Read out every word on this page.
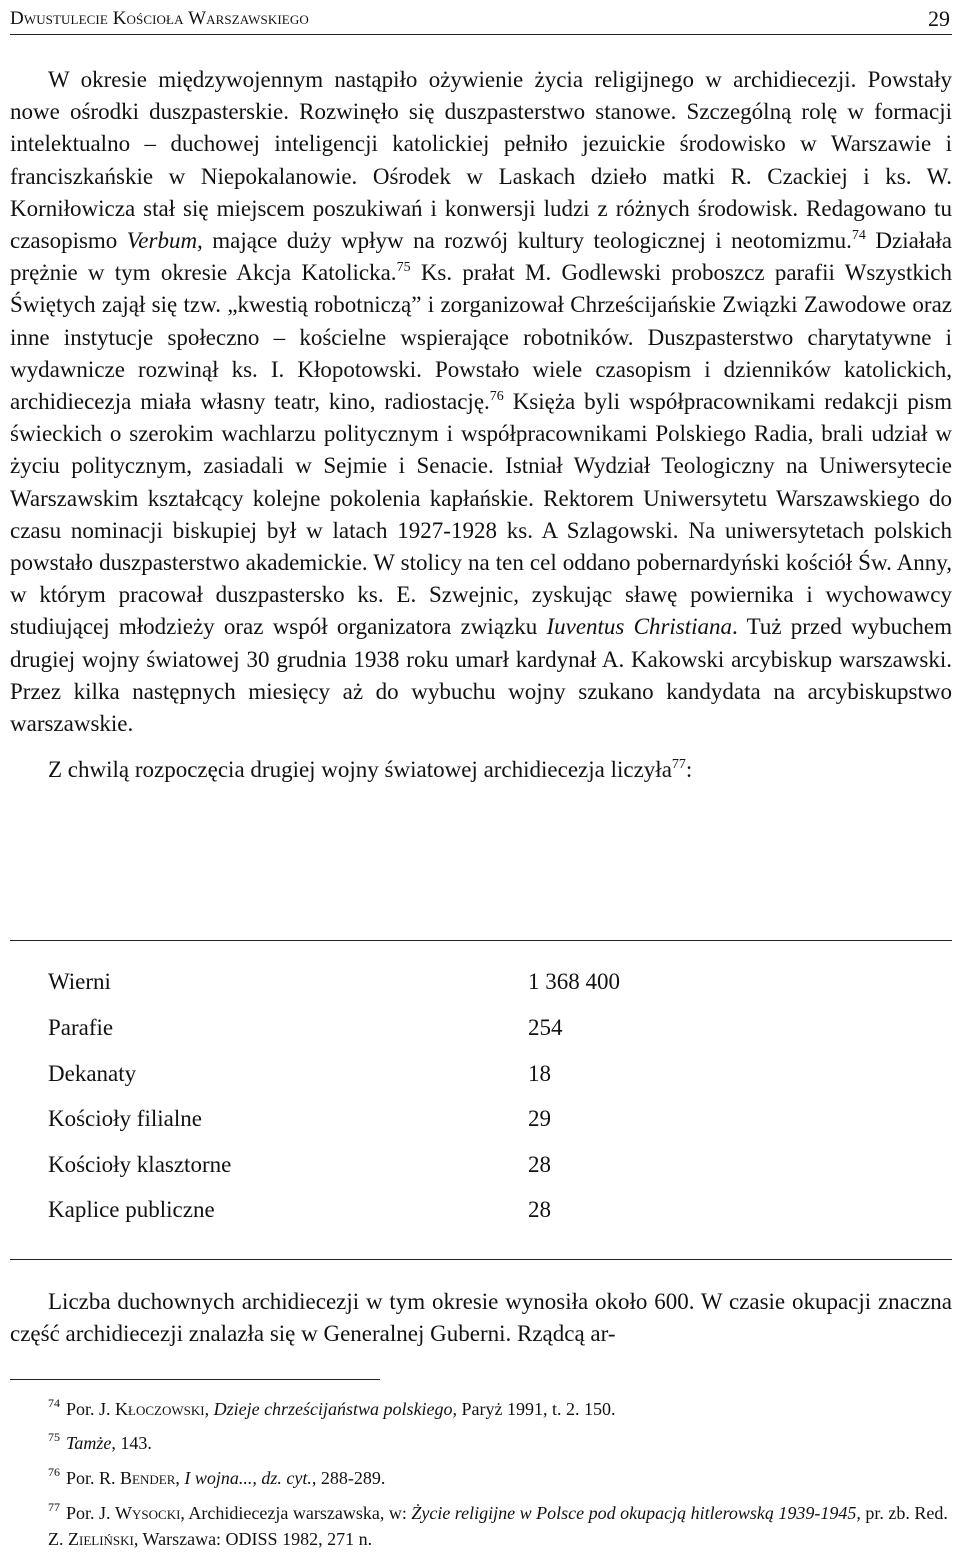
Dwustulecie Kościoła Warszawskiego	29

W okresie międzywojennym nastąpiło ożywienie życia religijnego w archidiecezji. Powstały nowe ośrodki duszpasterskie. Rozwinęło się duszpasterstwo stanowe. Szczególną rolę w formacji intelektualno – duchowej inteligencji katolickiej pełniło jezuickie środowisko w Warszawie i franciszkańskie w Niepokalanowie. Ośrodek w Laskach dzieło matki R. Czackiej i ks. W. Korniłowicza stał się miejscem poszukiwań i konwersji ludzi z różnych środowisk. Redagowano tu czasopismo Verbum, mające duży wpływ na rozwój kultury teologicznej i neotomizmu.$^{74}$ Działała prężnie w tym okresie Akcja Katolicka.$^{75}$ Ks. prałat M. Godlewski proboszcz parafii Wszystkich Świętych zajął się tzw. „kwestią robotniczą” i zorganizował Chrześcijańskie Związki Zawodowe oraz inne instytucje społeczno – kościelne wspierające robotników. Duszpasterstwo charytatywne i wydawnicze rozwinął ks. I. Kłopotowski. Powstało wiele czasopism i dzienników katolickich, archidiecezja miała własny teatr, kino, radiostację.$^{76}$ Księża byli współpracownikami redakcji pism świeckich o szerokim wachlarzu politycznym i współpracownikami Polskiego Radia, brali udział w życiu politycznym, zasiadali w Sejmie i Senacie. Istniał Wydział Teologiczny na Uniwersytecie Warszawskim kształcący kolejne pokolenia kapłańskie. Rektorem Uniwersytetu Warszawskiego do czasu nominacji biskupiej był w latach 1927-1928 ks. A Szlagowski. Na uniwersytetach polskich powstało duszpasterstwo akademickie. W stolicy na ten cel oddano pobernardyński kościół Św. Anny, w którym pracował duszpastersko ks. E. Szwejnic, zyskując sławę powiernika i wychowawcy studiującej młodzieży oraz współ organizatora związku Iuventus Christiana. Tuż przed wybuchem drugiej wojny światowej 30 grudnia 1938 roku umarł kardynał A. Kakowski arcybiskup warszawski. Przez kilka następnych miesięcy aż do wybuchu wojny szukano kandydata na arcybiskupstwo warszawskie.

Z chwilą rozpoczęcia drugiej wojny światowej archidiecezja liczyła$^{77}$:

Wierni	1 368 400
Parafie	254
Dekanaty	18
Kościoły filialne	29
Kościoły klasztorne	28
Kaplice publiczne	28

Liczba duchownych archidiecezji w tym okresie wynosiła około 600. W czasie okupacji znaczna część archidiecezji znalazła się w Generalnej Guberni. Rządcą ar-

$^{74}$ Por. J. Kłoczowski, Dzieje chrześcijaństwa polskiego, Paryż 1991, t. 2. 150.
$^{75}$ Tamże, 143.
$^{76}$ Por. R. Bender, I wojna..., dz. cyt., 288-289.
$^{77}$ Por. J. Wysocki, Archidiecezja warszawska, w: Życie religijne w Polsce pod okupacją hitlerowską 1939-1945, pr. zb. Red. Z. Zieliński, Warszawa: ODISS 1982, 271 n.
